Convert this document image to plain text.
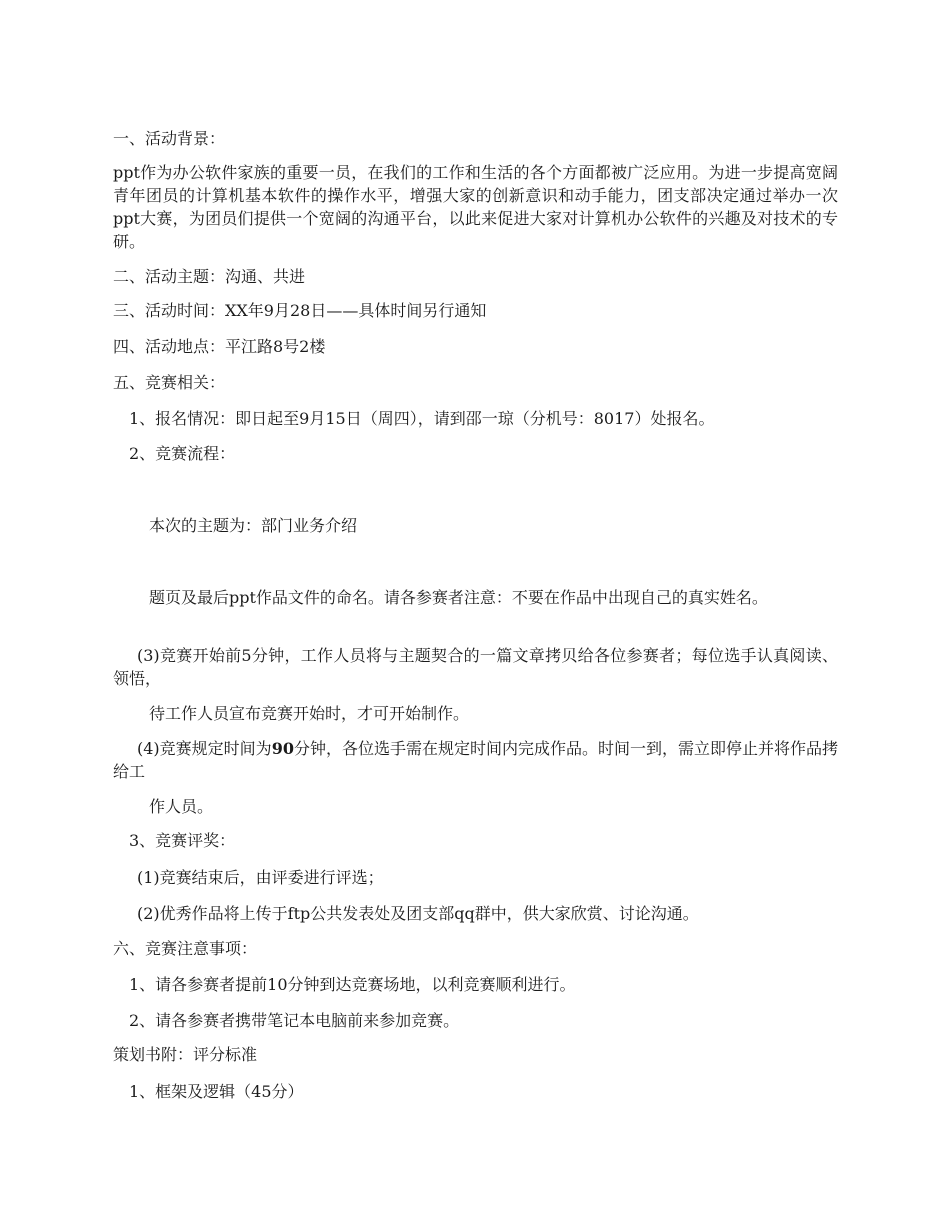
一、活动背景：

ppt作为办公软件家族的重要一员，在我们的工作和生活的各个方面都被广泛应用。为进一步提高宽阔青年团员的计算机基本软件的操作水平，增强大家的创新意识和动手能力，团支部决定通过举办一次ppt大赛，为团员们提供一个宽阔的沟通平台，以此来促进大家对计算机办公软件的兴趣及对技术的专研。

二、活动主题：沟通、共进

三、活动时间：XX年9月28日——具体时间另行通知

四、活动地点：平江路8号2楼

五、竞赛相关：

1、报名情况：即日起至9月15日（周四），请到邵一琼（分机号：8017）处报名。

2、竞赛流程：

本次的主题为：部门业务介绍

题页及最后ppt作品文件的命名。请各参赛者注意：不要在作品中出现自己的真实姓名。

(3)竞赛开始前5分钟，工作人员将与主题契合的一篇文章拷贝给各位参赛者；每位选手认真阅读、领悟，

待工作人员宣布竞赛开始时，才可开始制作。

(4)竞赛规定时间为90分钟，各位选手需在规定时间内完成作品。时间一到，需立即停止并将作品拷给工

作人员。

3、竞赛评奖：

(1)竞赛结束后，由评委进行评选；

(2)优秀作品将上传于ftp公共发表处及团支部qq群中，供大家欣赏、讨论沟通。

六、竞赛注意事项：

1、请各参赛者提前10分钟到达竞赛场地，以利竞赛顺利进行。

2、请各参赛者携带笔记本电脑前来参加竞赛。

策划书附：评分标准

1、框架及逻辑（45分）
